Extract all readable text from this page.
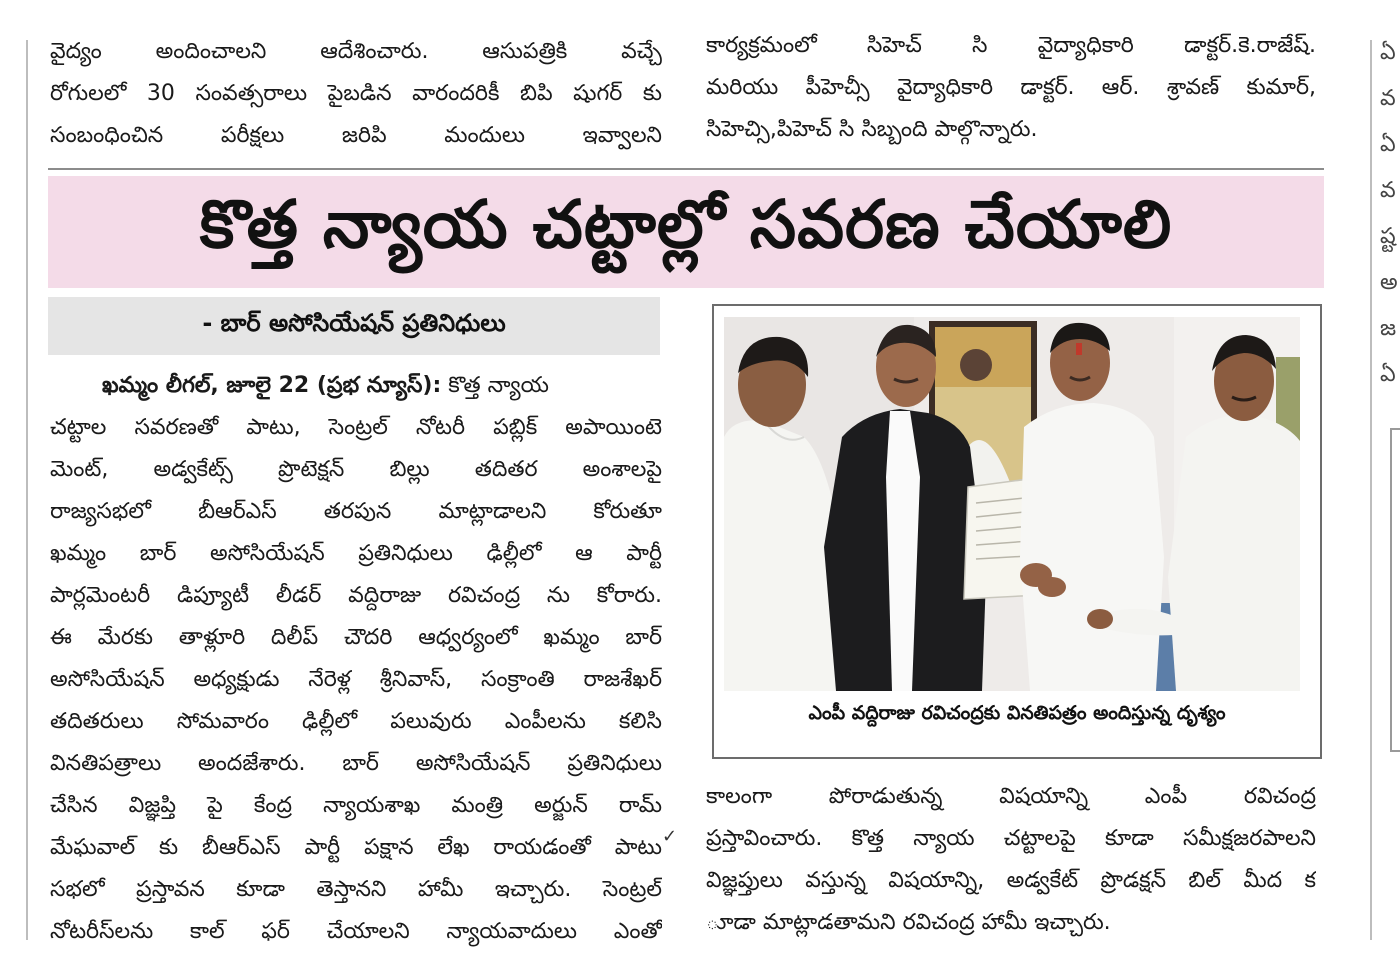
వైద్యం అందించాలని ఆదేశించారు. ఆసుపత్రికి వచ్చే

రోగులలో 30 సంవత్సరాలు పైబడిన వారందరికీ బిపి షుగర్ కు

సంబంధించిన పరీక్షలు జరిపి మందులు ఇవ్వాలని

కార్యక్రమంలో సిహెచ్ సి వైద్యాధికారి డాక్టర్.కె.రాజేష్.

మరియు పీహెచ్సీ వైద్యాధికారి డాక్టర్. ఆర్. శ్రావణ్ కుమార్,

సిహెచ్సి,పిహెచ్ సి సిబ్బంది పాల్గొన్నారు.

కొత్త న్యాయ చట్టాల్లో సవరణ చేయాలి
- బార్ అసోసియేషన్ ప్రతినిధులు

ఖమ్మం లీగల్, జూలై 22 (ప్రభ న్యూస్): కొత్త న్యాయ

చట్టాల సవరణతో పాటు, సెంట్రల్ నోటరీ పబ్లిక్ అపాయింటె

మెంట్, అడ్వకేట్స్ ప్రొటెక్షన్ బిల్లు తదితర అంశాలపై

రాజ్యసభలో బీఆర్ఎస్ తరపున మాట్లాడాలని కోరుతూ

ఖమ్మం బార్ అసోసియేషన్ ప్రతినిధులు ఢిల్లీలో ఆ పార్టీ

పార్లమెంటరీ డిప్యూటీ లీడర్ వద్దిరాజు రవిచంద్ర ను కోరారు.

ఈ మేరకు తాళ్లూరి దిలీప్ చౌదరి ఆధ్వర్యంలో ఖమ్మం బార్

అసోసియేషన్ అధ్యక్షుడు నేరెళ్ల శ్రీనివాస్, సంక్రాంతి రాజశేఖర్

తదితరులు సోమవారం ఢిల్లీలో పలువురు ఎంపీలను కలిసి

వినతిపత్రాలు అందజేశారు. బార్ అసోసియేషన్ ప్రతినిధులు

చేసిన విజ్ఞప్తి పై కేంద్ర న్యాయశాఖ మంత్రి అర్జున్ రామ్

మేఘవాల్ కు బీఆర్ఎస్ పార్టీ పక్షాన లేఖ రాయడంతో పాటు

సభలో ప్రస్తావన కూడా తెస్తానని హామీ ఇచ్చారు. సెంట్రల్

నోటరీస్‌లను కాల్ ఫర్ చేయాలని న్యాయవాదులు ఎంతో

✓
ఎంపీ వద్దిరాజు రవిచంద్రకు వినతిపత్రం అందిస్తున్న దృశ్యం

కాలంగా పోరాడుతున్న విషయాన్ని ఎంపీ రవిచంద్ర

ప్రస్తావించారు. కొత్త న్యాయ చట్టాలపై కూడా సమీక్షజరపాలని

విజ్ఞప్తులు వస్తున్న విషయాన్ని, అడ్వకేట్ ప్రొడక్షన్ బిల్ మీద క

ూడా మాట్లాడతామని రవిచంద్ర హామీ ఇచ్చారు.

ఏ
వ
ఏ
వ
ష్ట
అ
జ
ఏ
